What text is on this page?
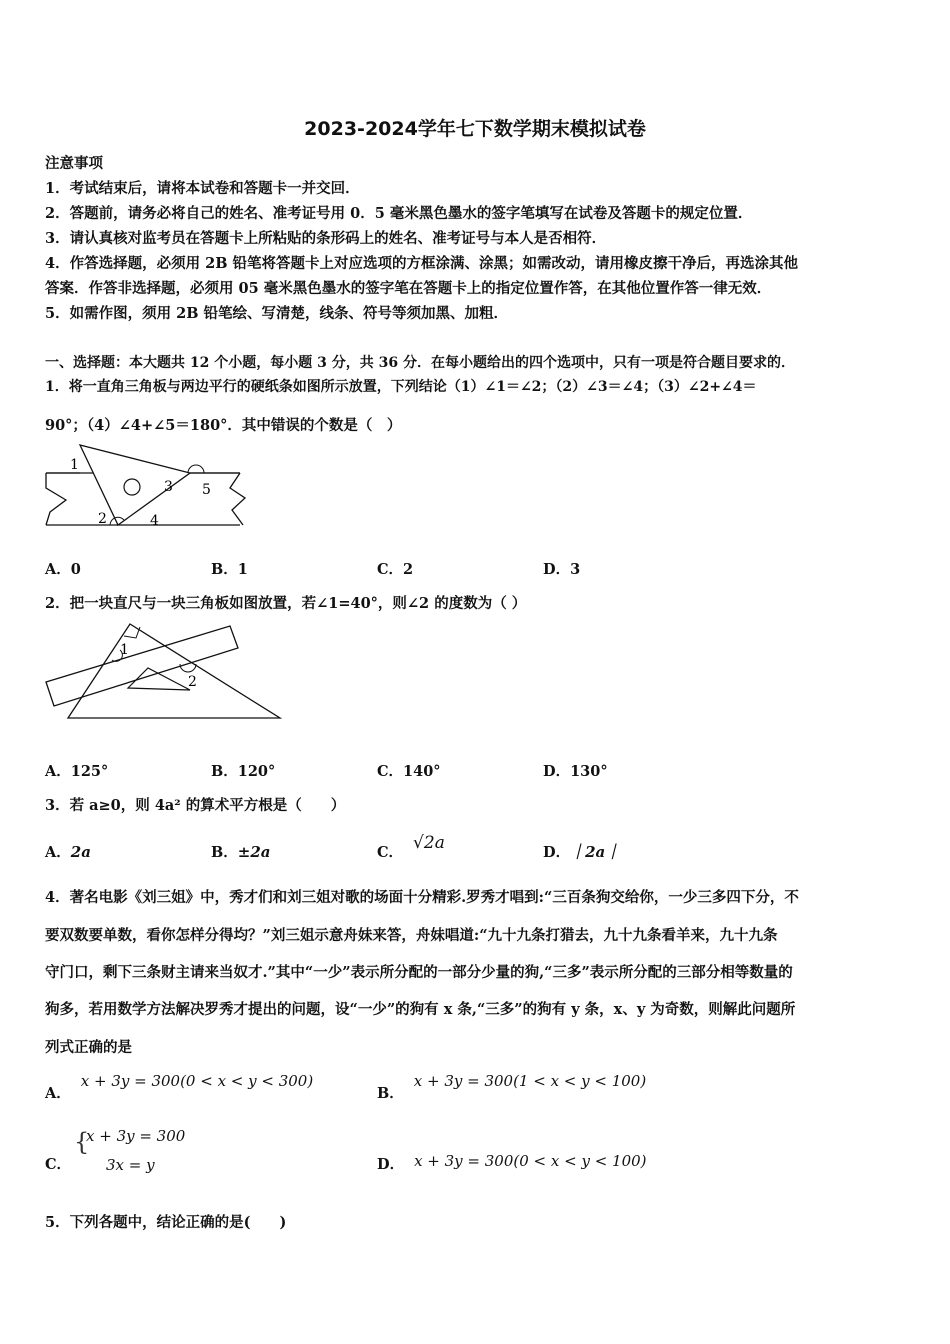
2023-2024学年七下数学期末模拟试卷
注意事项
1．考试结束后，请将本试卷和答题卡一并交回．
2．答题前，请务必将自己的姓名、准考证号用 0．5 毫米黑色墨水的签字笔填写在试卷及答题卡的规定位置．
3．请认真核对监考员在答题卡上所粘贴的条形码上的姓名、准考证号与本人是否相符．
4．作答选择题，必须用 2B 铅笔将答题卡上对应选项的方框涂满、涂黑；如需改动，请用橡皮擦干净后，再选涂其他
答案．作答非选择题，必须用 05 毫米黑色墨水的签字笔在答题卡上的指定位置作答，在其他位置作答一律无效．
5．如需作图，须用 2B 铅笔绘、写清楚，线条、符号等须加黑、加粗．
一、选择题：本大题共 12 个小题，每小题 3 分，共 36 分．在每小题给出的四个选项中，只有一项是符合题目要求的．
1．将一直角三角板与两边平行的硬纸条如图所示放置，下列结论（1）∠1＝∠2；（2）∠3＝∠4；（3）∠2+∠4＝
90°；（4）∠4+∠5＝180°．其中错误的个数是（　）
1
2
3
4
5
A．0	B．1	C．2	D．3
2．把一块直尺与一块三角板如图放置，若∠1=40°，则∠2 的度数为（ ）
1
2
A．125°	B．120°	C．140°	D．130°
3．若 a≥0，则 4a² 的算术平方根是（　　）
A．2a	B．±2a	C． √2a	D．｜2a｜
4．著名电影《刘三姐》中，秀才们和刘三姐对歌的场面十分精彩.罗秀才唱到:“三百条狗交给你，一少三多四下分，不
要双数要单数，看你怎样分得均？”刘三姐示意舟妹来答，舟妹唱道:“九十九条打猎去，九十九条看羊来，九十九条
守门口，剩下三条财主请来当奴才.”其中“一少”表示所分配的一部分少量的狗,“三多”表示所分配的三部分相等数量的
狗多，若用数学方法解决罗秀才提出的问题，设“一少”的狗有 x 条,“三多”的狗有 y 条，x、y 为奇数，则解此问题所
列式正确的是
A．x + 3y = 300(0 < x < y < 300)
B．x + 3y = 300(1 < x < y < 100)
C．
{
x + 3y = 300
3x = y	D． x + 3y = 300(0 < x < y < 100)
5．下列各题中，结论正确的是(　　)
